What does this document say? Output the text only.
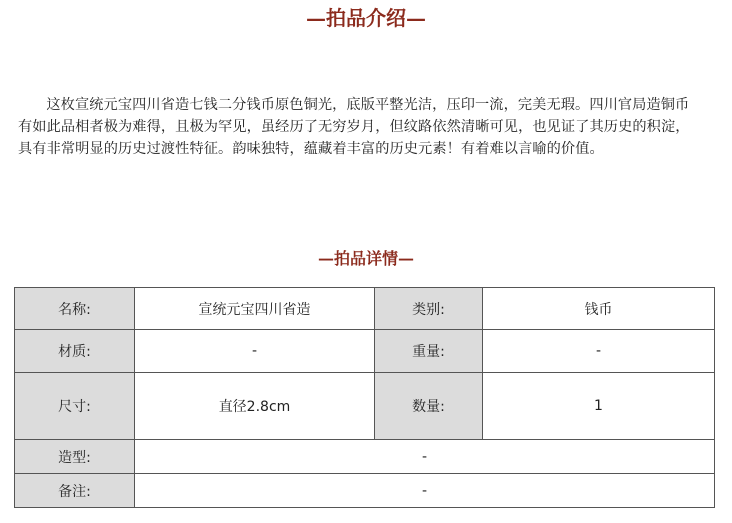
—拍品介绍—

这枚宣统元宝四川省造七钱二分钱币原色铜光，底版平整光洁，压印一流，完美无瑕。四川官局造铜币有如此品相者极为难得，且极为罕见，虽经历了无穷岁月，但纹路依然清晰可见，也见证了其历史的积淀，具有非常明显的历史过渡性特征。韵味独特，蕴藏着丰富的历史元素！有着难以言喻的价值。

—拍品详情—
名称:	宣统元宝四川省造	类别:	钱币
材质:	-	重量:	-
尺寸:	直径2.8cm	数量:	1
造型:	-		
备注:	-		
